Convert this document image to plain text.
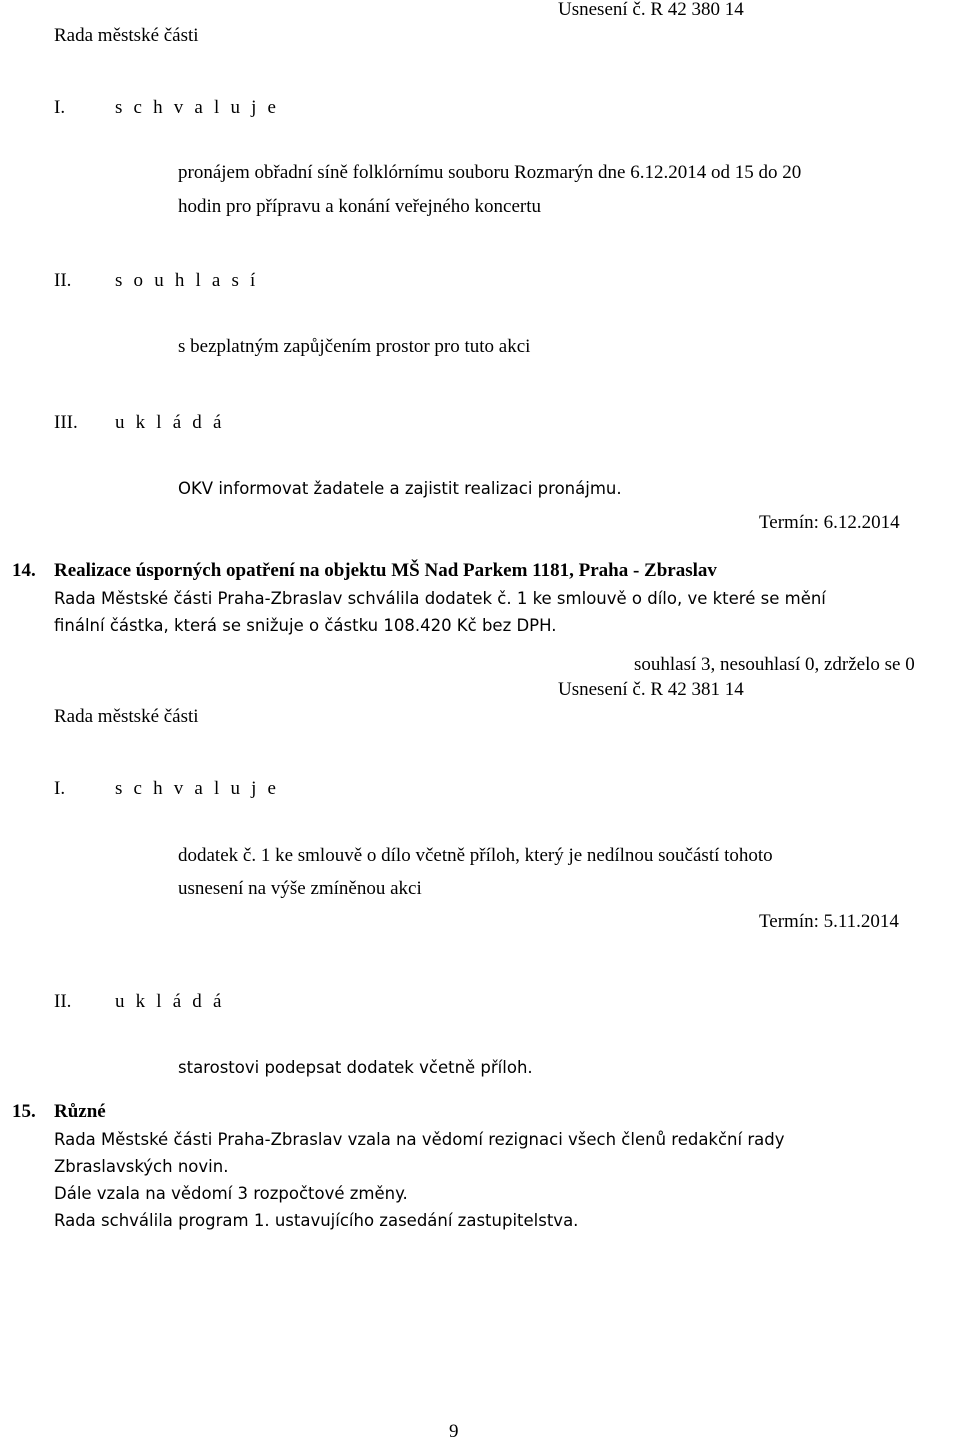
Rada městské části
Usnesení č. R 42 380 14
I.	s c h v a l u j e
pronájem obřadní síně folklórnímu souboru Rozmarýn dne 6.12.2014 od 15 do 20
hodin pro přípravu a konání veřejného koncertu
II. s o u h l a s í
s bezplatným zapůjčením prostor pro tuto akci
III. u k l á d á
OKV informovat žadatele a zajistit realizaci pronájmu.
Termín: 6.12.2014
14. Realizace úsporných opatření na objektu MŠ Nad Parkem 1181, Praha - Zbraslav
Rada Městské části Praha-Zbraslav schválila dodatek č. 1 ke smlouvě o dílo, ve které se mění
finální částka, která se snižuje o částku 108.420 Kč bez DPH.
souhlasí 3, nesouhlasí 0, zdrželo se 0
Usnesení č. R 42 381 14
Rada městské části
I.	s c h v a l u j e
dodatek č. 1 ke smlouvě o dílo včetně příloh, který je nedílnou součástí tohoto
usnesení na výše zmíněnou akci
Termín: 5.11.2014
II. u k l á d á
starostovi podepsat dodatek včetně příloh.
15. Různé
Rada Městské části Praha-Zbraslav vzala na vědomí rezignaci všech členů redakční rady
Zbraslavských novin.
Dále vzala na vědomí 3 rozpočtové změny.
Rada schválila program 1. ustavujícího zasedání zastupitelstva.
9
